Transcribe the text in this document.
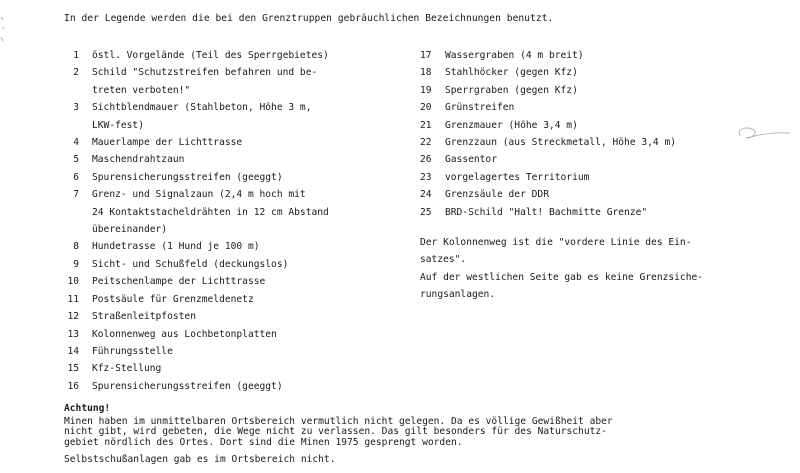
In der Legende werden die bei den Grenztruppen gebräuchlichen Bezeichnungen benutzt.
1 östl. Vorgelände (Teil des Sperrgebietes)
2 Schild "Schutzstreifen befahren und be-
treten verboten!"
3 Sichtblendmauer (Stahlbeton, Höhe 3 m,
LKW-fest)
4 Mauerlampe der Lichttrasse
5 Maschendrahtzaun
6 Spurensicherungsstreifen (geeggt)
7 Grenz- und Signalzaun (2,4 m hoch mit
24 Kontaktstacheldrähten in 12 cm Abstand
übereinander)
8 Hundetrasse (1 Hund je 100 m)
9 Sicht- und Schußfeld (deckungslos)
10 Peitschenlampe der Lichttrasse
11 Postsäule für Grenzmeldenetz
12 Straßenleitpfosten
13 Kolonnenweg aus Lochbetonplatten
14 Führungsstelle
15 Kfz-Stellung
16 Spurensicherungsstreifen (geeggt)
17 Wassergraben (4 m breit)
18 Stahlhöcker (gegen Kfz)
19 Sperrgraben (gegen Kfz)
20 Grünstreifen
21 Grenzmauer (Höhe 3,4 m)
22 Grenzzaun (aus Streckmetall, Höhe 3,4 m)
26 Gassentor
23 vorgelagertes Territorium
24 Grenzsäule der DDR
25 BRD-Schild "Halt! Bachmitte Grenze"

Der Kolonnenweg ist die "vordere Linie des Ein-
satzes".

Auf der westlichen Seite gab es keine Grenzsiche-
rungsanlagen.

Achtung!

Minen haben im unmittelbaren Ortsbereich vermutlich nicht gelegen. Da es völlige Gewißheit aber
nicht gibt, wird gebeten, die Wege nicht zu verlassen. Das gilt besonders für des Naturschutz-
gebiet nördlich des Ortes. Dort sind die Minen 1975 gesprengt worden.

Selbstschußanlagen gab es im Ortsbereich nicht.
